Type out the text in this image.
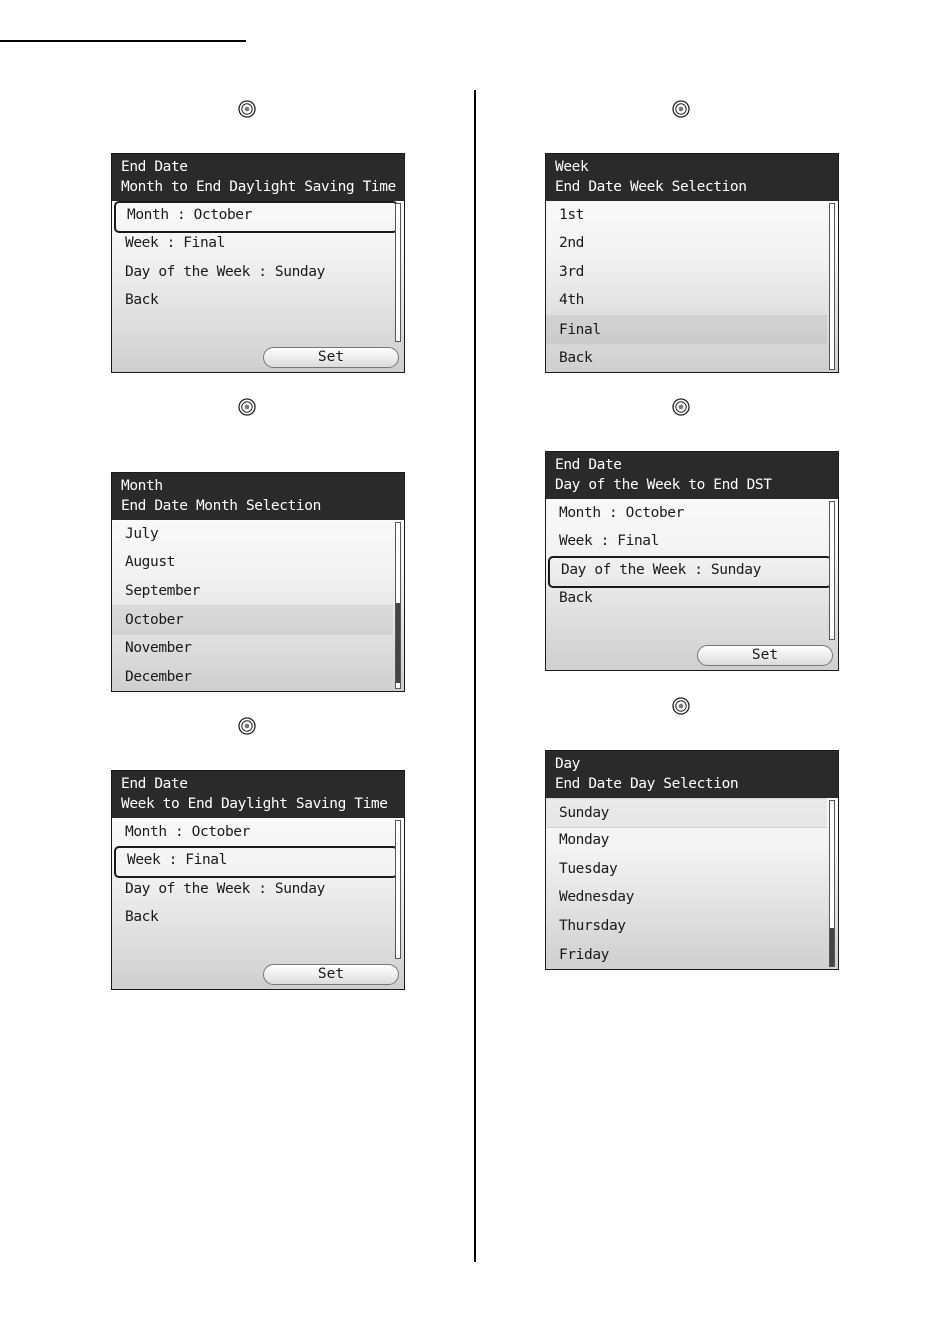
End Date
Month to End Daylight Saving Time
Month : October
Week : Final
Day of the Week : Sunday
Back
Set
Month
End Date Month Selection
July
August
September
October
November
December
End Date
Week to End Daylight Saving Time
Month : October
Week : Final
Day of the Week : Sunday
Back
Set
Week
End Date Week Selection
1st
2nd
3rd
4th
Final
Back
End Date
Day of the Week to End DST
Month : October
Week : Final
Day of the Week : Sunday
Back
Set
Day
End Date Day Selection
Sunday
Monday
Tuesday
Wednesday
Thursday
Friday
